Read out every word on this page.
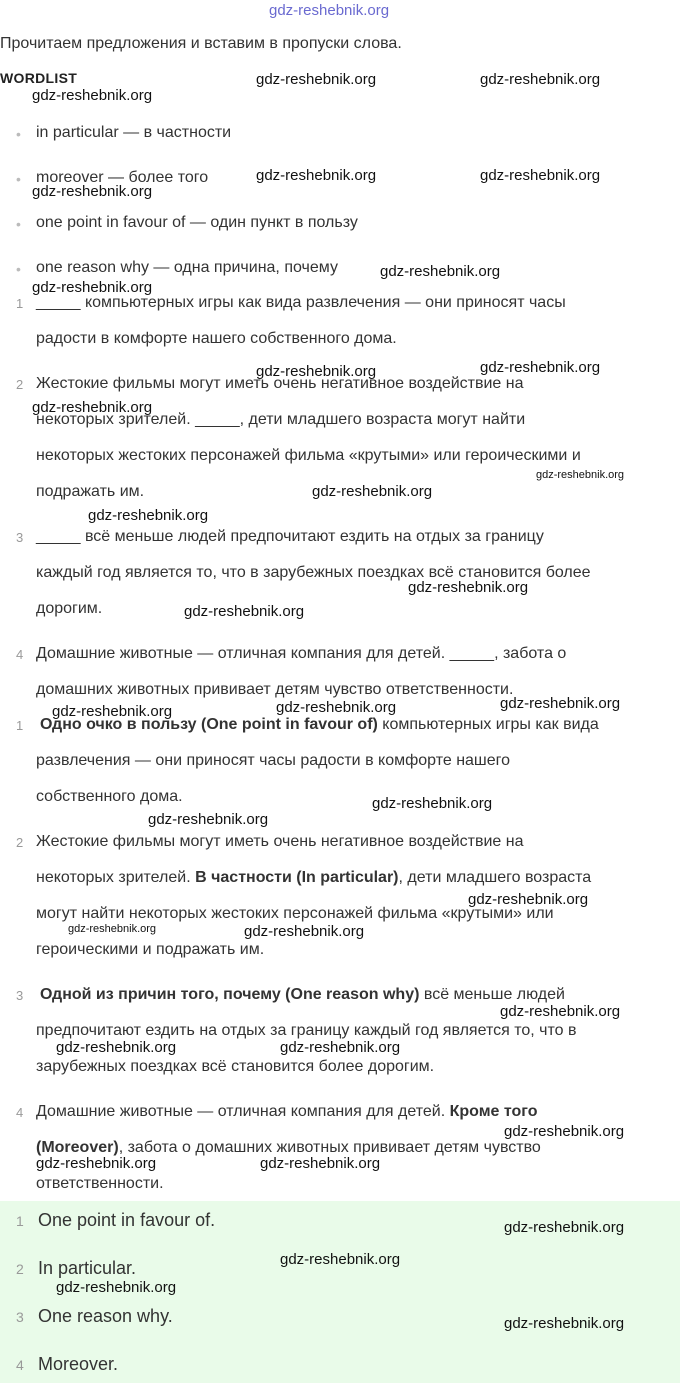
gdz-reshebnik.org
Прочитаем предложения и вставим в пропуски слова.
WORDLIST
• in particular — в частности
• moreover — более того
• one point in favour of — один пункт в пользу
• one reason why — одна причина, почему
1 _____ компьютерных игры как вида развлечения — они приносят часы
радости в комфорте нашего собственного дома.
2 Жестокие фильмы могут иметь очень негативное воздействие на
некоторых зрителей. _____, дети младшего возраста могут найти
некоторых жестоких персонажей фильма «крутыми» или героическими и
подражать им.
3 _____ всё меньше людей предпочитают ездить на отдых за границу
каждый год является то, что в зарубежных поездках всё становится более
дорогим.
4 Домашние животные — отличная компания для детей. _____, забота о
домашних животных прививает детям чувство ответственности.
1 Одно очко в пользу (One point in favour of) компьютерных игры как вида
развлечения — они приносят часы радости в комфорте нашего
собственного дома.
2 Жестокие фильмы могут иметь очень негативное воздействие на
некоторых зрителей. В частности (In particular), дети младшего возраста
могут найти некоторых жестоких персонажей фильма «крутыми» или
героическими и подражать им.
3 Одной из причин того, почему (One reason why) всё меньше людей
предпочитают ездить на отдых за границу каждый год является то, что в
зарубежных поездках всё становится более дорогим.
4 Домашние животные — отличная компания для детей. Кроме того
(Moreover), забота о домашних животных прививает детям чувство
ответственности.
1 One point in favour of.
2 In particular.
3 One reason why.
4 Moreover.
gdz-reshebnik.org	gdz-reshebnik.org
gdz-reshebnik.org
gdz-reshebnik.org	gdz-reshebnik.org
gdz-reshebnik.org
gdz-reshebnik.org
gdz-reshebnik.org
gdz-reshebnik.org	gdz-reshebnik.org
gdz-reshebnik.org
gdz-reshebnik.org
gdz-reshebnik.org
gdz-reshebnik.org
gdz-reshebnik.org
gdz-reshebnik.org
gdz-reshebnik.org	gdz-reshebnik.org	gdz-reshebnik.org
gdz-reshebnik.org
gdz-reshebnik.org
gdz-reshebnik.org
gdz-reshebnik.org	gdz-reshebnik.org
gdz-reshebnik.org
gdz-reshebnik.org	gdz-reshebnik.org
gdz-reshebnik.org
gdz-reshebnik.org	gdz-reshebnik.org
gdz-reshebnik.org
gdz-reshebnik.org
gdz-reshebnik.org
gdz-reshebnik.org
